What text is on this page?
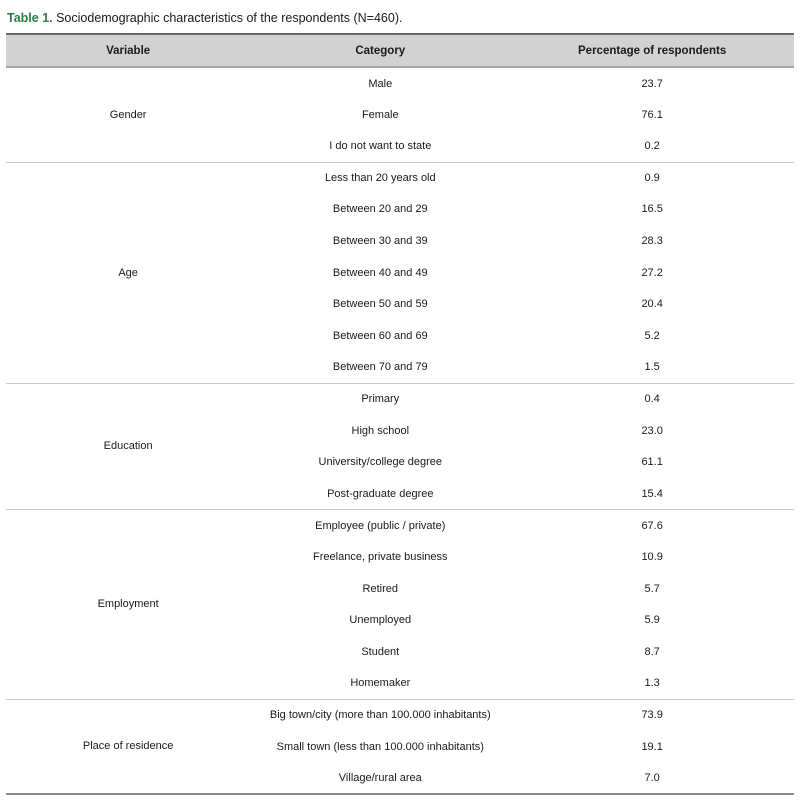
Table 1. Sociodemographic characteristics of the respondents (N=460).
Variable	Category	Percentage of respondents
Gender	Male	23.7
	Female	76.1
	I do not want to state	0.2
Age	Less than 20 years old	0.9
	Between 20 and 29	16.5
	Between 30 and 39	28.3
	Between 40 and 49	27.2
	Between 50 and 59	20.4
	Between 60 and 69	5.2
	Between 70 and 79	1.5
Education	Primary	0.4
	High school	23.0
	University/college degree	61.1
	Post-graduate degree	15.4
Employment	Employee (public / private)	67.6
	Freelance, private business	10.9
	Retired	5.7
	Unemployed	5.9
	Student	8.7
	Homemaker	1.3
Place of residence	Big town/city (more than 100.000 inhabitants)	73.9
	Small town (less than 100.000 inhabitants)	19.1
	Village/rural area	7.0
